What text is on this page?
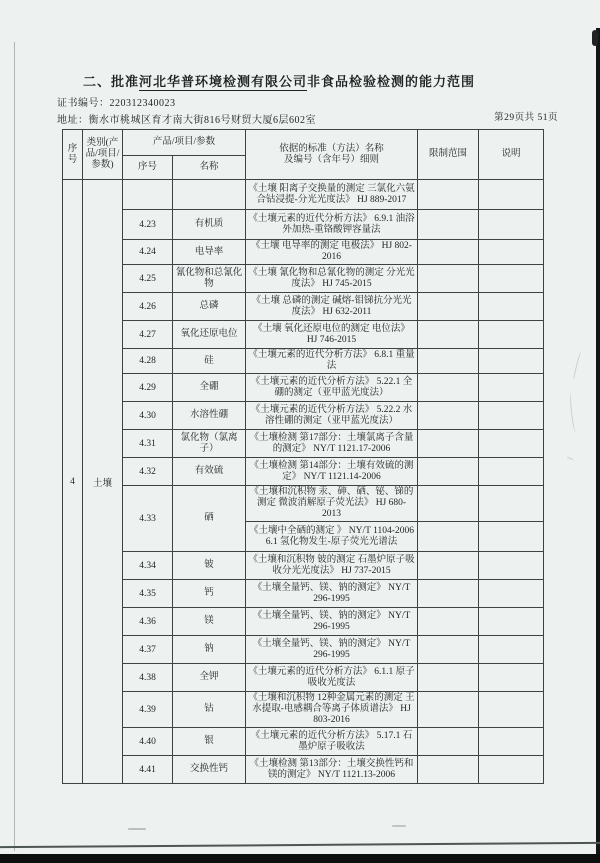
二、批准河北华普环境检测有限公司非食品检验检测的能力范围
证书编号：220312340023
地址：衡水市桃城区育才南大街816号财贸大厦6层602室	第29页共 51页
序号	类别(产品/项目/参数)	产品/项目/参数		依据的标准（方法）名称
及编号（含年号）细则	限制范围	说明
		序号	名称			
4	土壤			《土壤 阳离子交换量的测定 三氯化六氨合钴浸提-分光光度法》 HJ 889-2017		
		4.23	有机质	《土壤元素的近代分析方法》 6.9.1 油浴外加热-重铬酸钾容量法		
		4.24	电导率	《土壤 电导率的测定 电极法》 HJ 802-2016		
		4.25	氰化物和总氰化物	《土壤 氰化物和总氰化物的测定 分光光度法》 HJ 745-2015		
		4.26	总磷	《土壤 总磷的测定 碱熔-钼锑抗分光光度法》 HJ 632-2011		
		4.27	氧化还原电位	《土壤 氧化还原电位的测定 电位法》 HJ 746-2015		
		4.28	硅	《土壤元素的近代分析方法》 6.8.1 重量法		
		4.29	全硼	《土壤元素的近代分析方法》 5.22.1 全硼的测定（亚甲蓝光度法）		
		4.30	水溶性硼	《土壤元素的近代分析方法》 5.22.2 水溶性硼的测定（亚甲蓝光度法）		
		4.31	氯化物（氯离子）	《土壤检测 第17部分：土壤氯离子含量的测定》 NY/T 1121.17-2006		
		4.32	有效硫	《土壤检测 第14部分：土壤有效硫的测定》 NY/T 1121.14-2006		
		4.33	硒	《土壤和沉积物 汞、砷、硒、铋、锑的测定 微波消解原子荧光法》 HJ 680-2013		
				《土壤中全硒的测定 》 NY/T 1104-2006 6.1 氢化物发生-原子荧光光谱法		
		4.34	铍	《土壤和沉积物 铍的测定 石墨炉原子吸收分光光度法》 HJ 737-2015		
		4.35	钙	《土壤全量钙、镁、钠的测定》 NY/T 296-1995		
		4.36	镁	《土壤全量钙、镁、钠的测定》 NY/T 296-1995		
		4.37	钠	《土壤全量钙、镁、钠的测定》 NY/T 296-1995		
		4.38	全钾	《土壤元素的近代分析方法》 6.1.1 原子吸收光度法		
		4.39	钴	《土壤和沉积物 12种金属元素的测定 王水提取-电感耦合等离子体质谱法》 HJ 803-2016		
		4.40	银	《土壤元素的近代分析方法》 5.17.1 石墨炉原子吸收法		
		4.41	交换性钙	《土壤检测 第13部分：土壤交换性钙和镁的测定》 NY/T 1121.13-2006		
